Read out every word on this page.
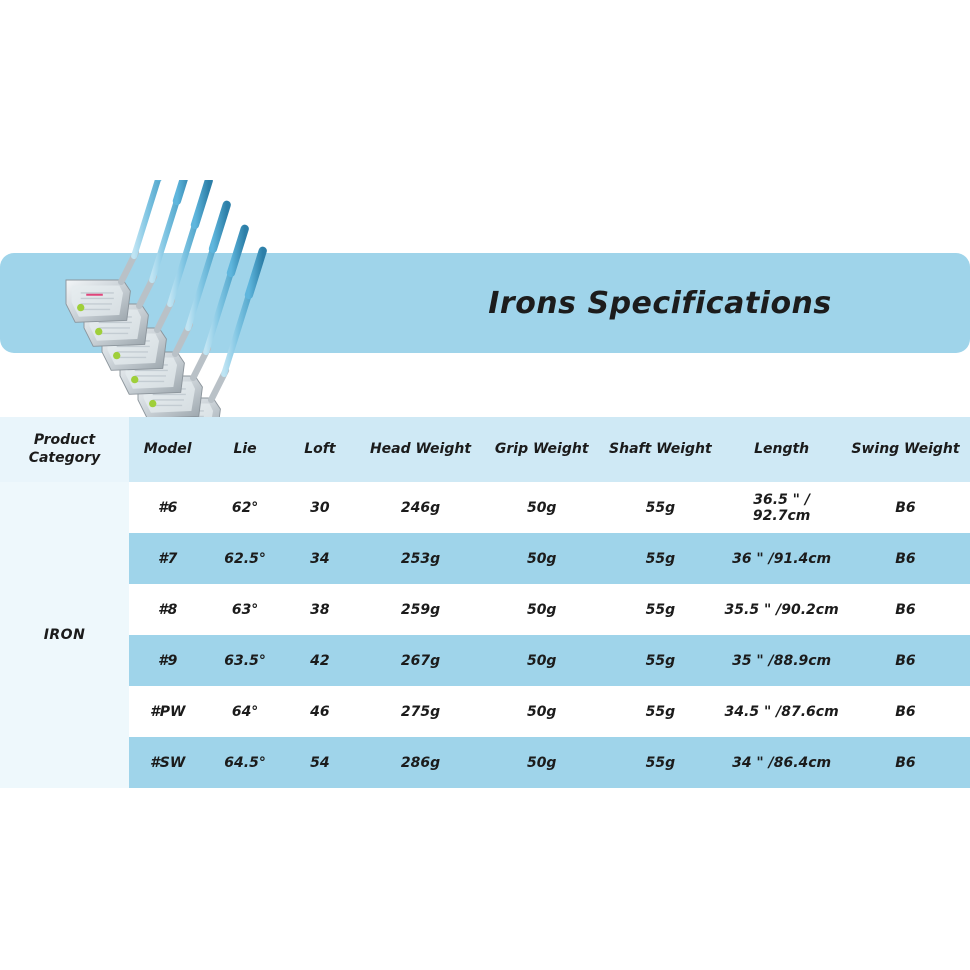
Irons Specifications
Product Category	Model	Lie	Loft	Head Weight	Grip Weight	Shaft Weight	Length	Swing Weight
IRON	#6	62°	30	246g	50g	55g	36.5 " / 92.7cm	B6
	#7	62.5°	34	253g	50g	55g	36 " /91.4cm	B6
	#8	63°	38	259g	50g	55g	35.5 " /90.2cm	B6
	#9	63.5°	42	267g	50g	55g	35 " /88.9cm	B6
	#PW	64°	46	275g	50g	55g	34.5 " /87.6cm	B6
	#SW	64.5°	54	286g	50g	55g	34 " /86.4cm	B6
